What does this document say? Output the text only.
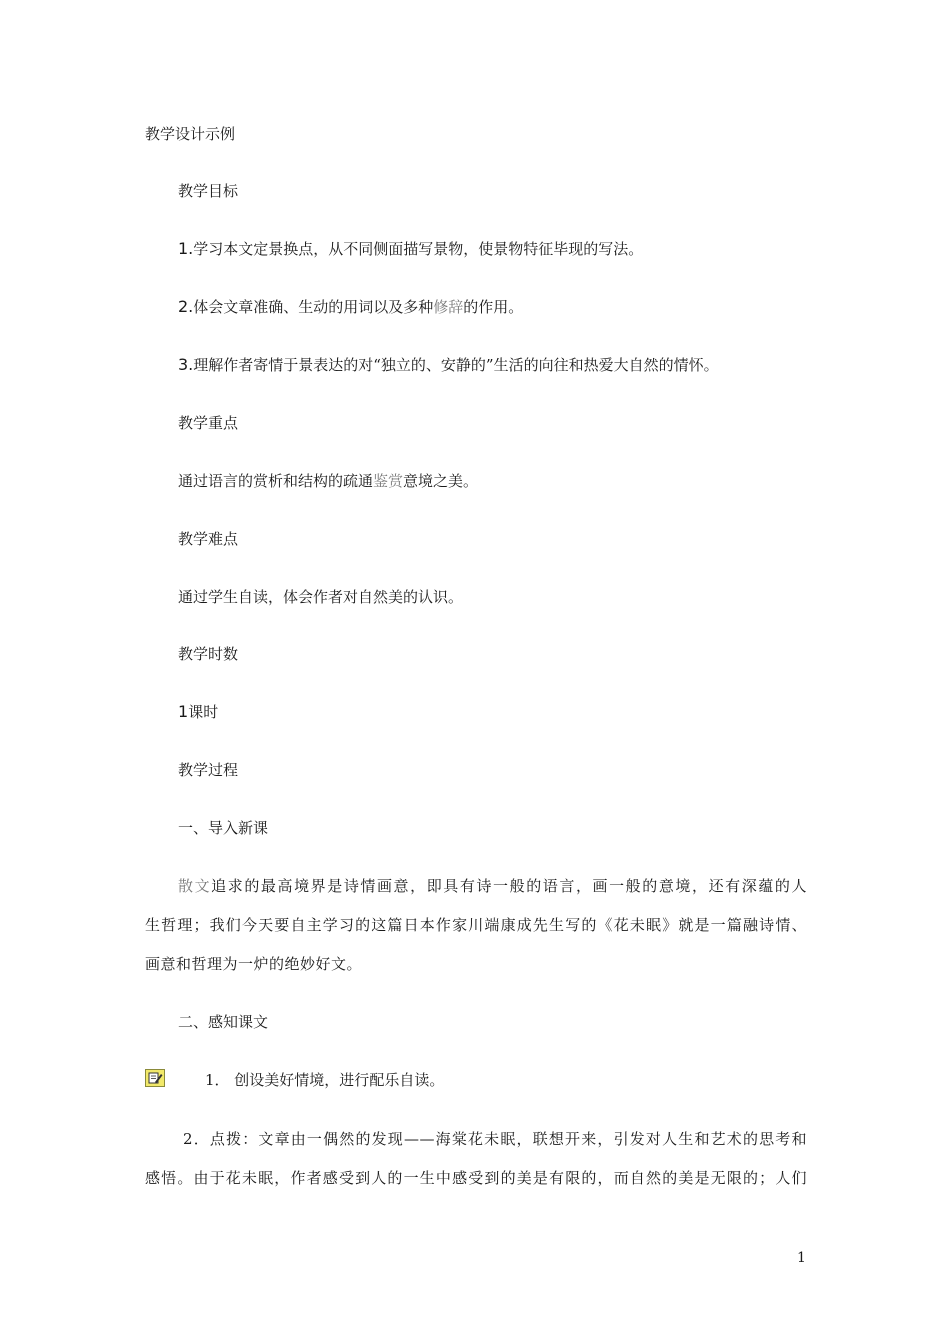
教学设计示例
教学目标
1.学习本文定景换点，从不同侧面描写景物，使景物特征毕现的写法。
2.体会文章准确、生动的用词以及多种修辞的作用。
3.理解作者寄情于景表达的对“独立的、安静的”生活的向往和热爱大自然的情怀。
教学重点
通过语言的赏析和结构的疏通鉴赏意境之美。
教学难点
通过学生自读，体会作者对自然美的认识。
教学时数
1课时
教学过程
一、导入新课
散文追求的最高境界是诗情画意，即具有诗一般的语言，画一般的意境，还有深蕴的人
生哲理；我们今天要自主学习的这篇日本作家川端康成先生写的《花未眠》就是一篇融诗情、
画意和哲理为一炉的绝妙好文。
二、感知课文
1． 创设美好情境，进行配乐自读。
2．点拨：文章由一偶然的发现——海棠花未眠，联想开来，引发对人生和艺术的思考和
感悟。由于花未眠，作者感受到人的一生中感受到的美是有限的，而自然的美是无限的；人们
1
